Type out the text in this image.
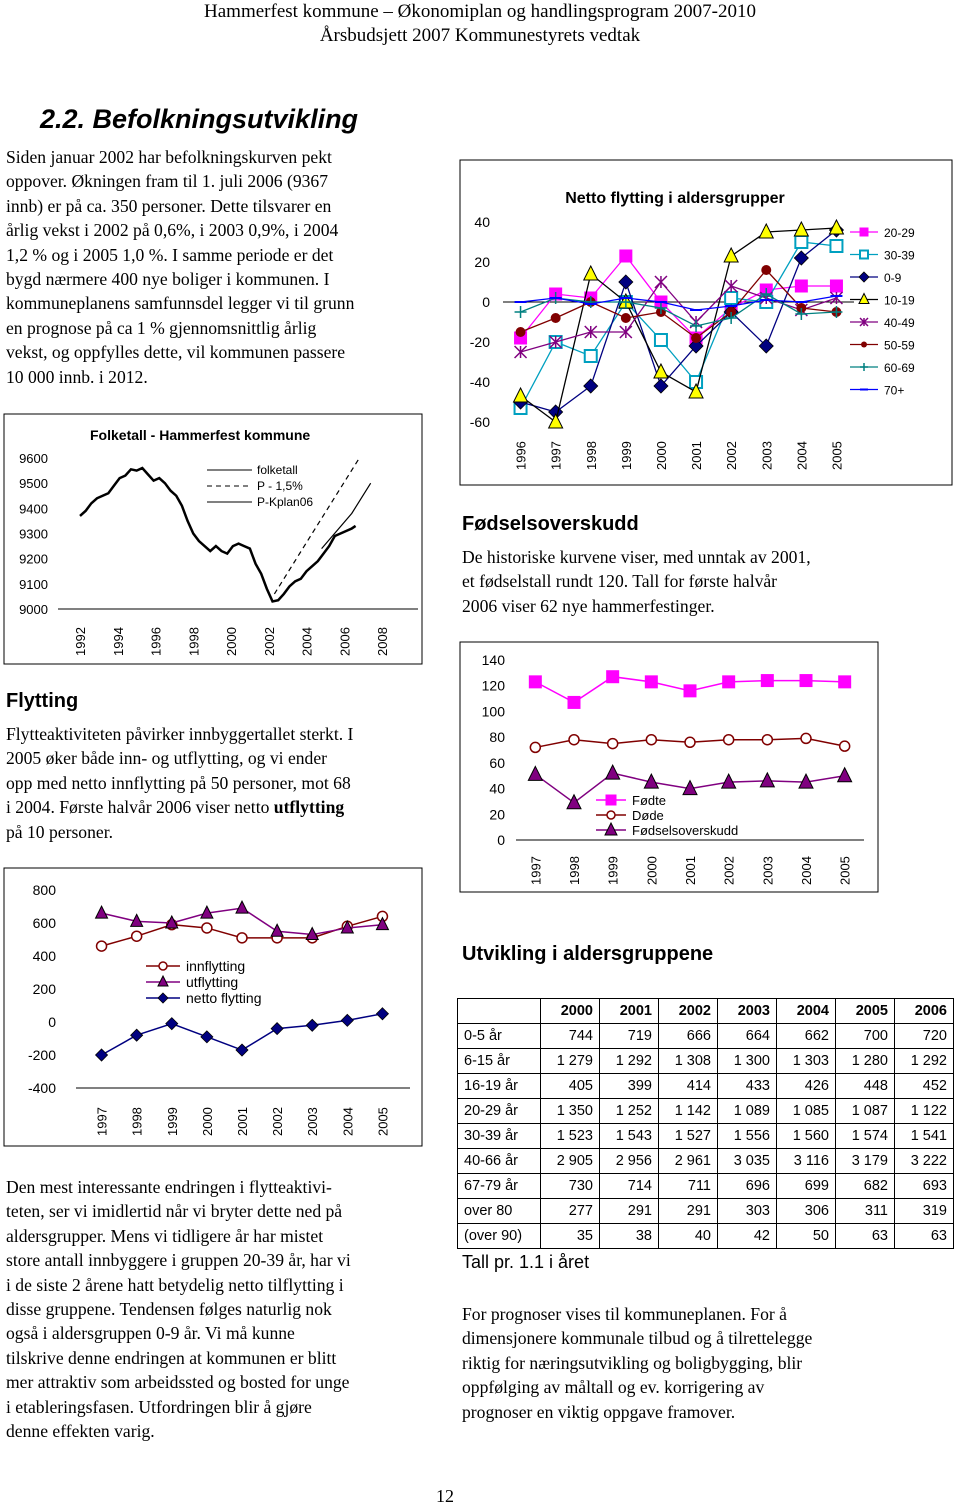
Hammerfest kommune – Økonomiplan og handlingsprogram 2007-2010
Årsbudsjett 2007 Kommunestyrets vedtak
2.2. Befolkningsutvikling
Siden januar 2002 har befolkningskurven pekt
oppover. Økningen fram til 1. juli 2006 (9367
innb) er på ca. 350 personer. Dette tilsvarer en
årlig vekst i 2002 på 0,6%, i 2003 0,9%, i 2004
1,2 % og i 2005 1,0 %. I samme periode er det
bygd nærmere 400 nye boliger i kommunen. I
kommuneplanens samfunnsdel legger vi til grunn
en prognose på ca 1 % gjennomsnittlig årlig
vekst, og oppfylles dette, vil kommunen passere
10 000 innb. i 2012.
Flytting
Flytteaktiviteten påvirker innbyggertallet sterkt. I
2005 øker både inn- og utflytting, og vi ender
opp med netto innflytting på 50 personer, mot 68
i 2004. Første halvår 2006 viser netto utflytting
på 10 personer.
Den mest interessante endringen i flytteaktivi-
teten, ser vi imidlertid når vi bryter dette ned på
aldersgrupper. Mens vi tidligere år har mistet
store antall innbyggere i gruppen 20-39 år, har vi
i de siste 2 årene hatt betydelig netto tilflytting i
disse gruppene. Tendensen følges naturlig nok
også i aldersgruppen 0-9 år. Vi må kunne
tilskrive denne endringen at kommunen er blitt
mer attraktiv som arbeidssted og bosted for unge
i etableringsfasen. Utfordringen blir å gjøre
denne effekten varig.
Fødselsoverskudd
De historiske kurvene viser, med unntak av 2001,
et fødselstall rundt 120. Tall for første halvår
2006 viser 62 nye hammerfestinger.
Utvikling i aldersgruppene
	2000	2001	2002	2003	2004	2005	2006
0-5 år	744	719	666	664	662	700	720
6-15 år	1 279	1 292	1 308	1 300	1 303	1 280	1 292
16-19 år	405	399	414	433	426	448	452
20-29 år	1 350	1 252	1 142	1 089	1 085	1 087	1 122
30-39 år	1 523	1 543	1 527	1 556	1 560	1 574	1 541
40-66 år	2 905	2 956	2 961	3 035	3 116	3 179	3 222
67-79 år	730	714	711	696	699	682	693
over 80	277	291	291	303	306	311	319
(over 90)	35	38	40	42	50	63	63
Tall pr. 1.1 i året
For prognoser vises til kommuneplanen. For å
dimensjonere kommunale tilbud og å tilrettelegge
riktig for næringsutvikling og boligbygging, blir
oppfølging av måltall og ev. korrigering av
prognoser en viktig oppgave framover.
12
Folketall - Hammerfest kommune
9000
9100
9200
9300
9400
9500
9600
1992 1994 1996 1998 2000 2002 2004 2006 2008
folketall
P - 1,5%
P-Kplan06
-400
-200
0
200
400
600
800
1997 1998 1999 2000 2001 2002 2003 2004 2005
innflytting
utflytting
netto flytting
Netto flytting i aldersgrupper
-60
-40
-20
0
20
40
1996 1997 1998 1999 2000 2001 2002 2003 2004 2005
20-29
30-39
0-9
10-19
40-49
50-59
60-69
70+
0
20
40
60
80
100
120
140
1997 1998 1999 2000 2001 2002 2003 2004 2005
Fødte
Døde
Fødselsoverskudd
